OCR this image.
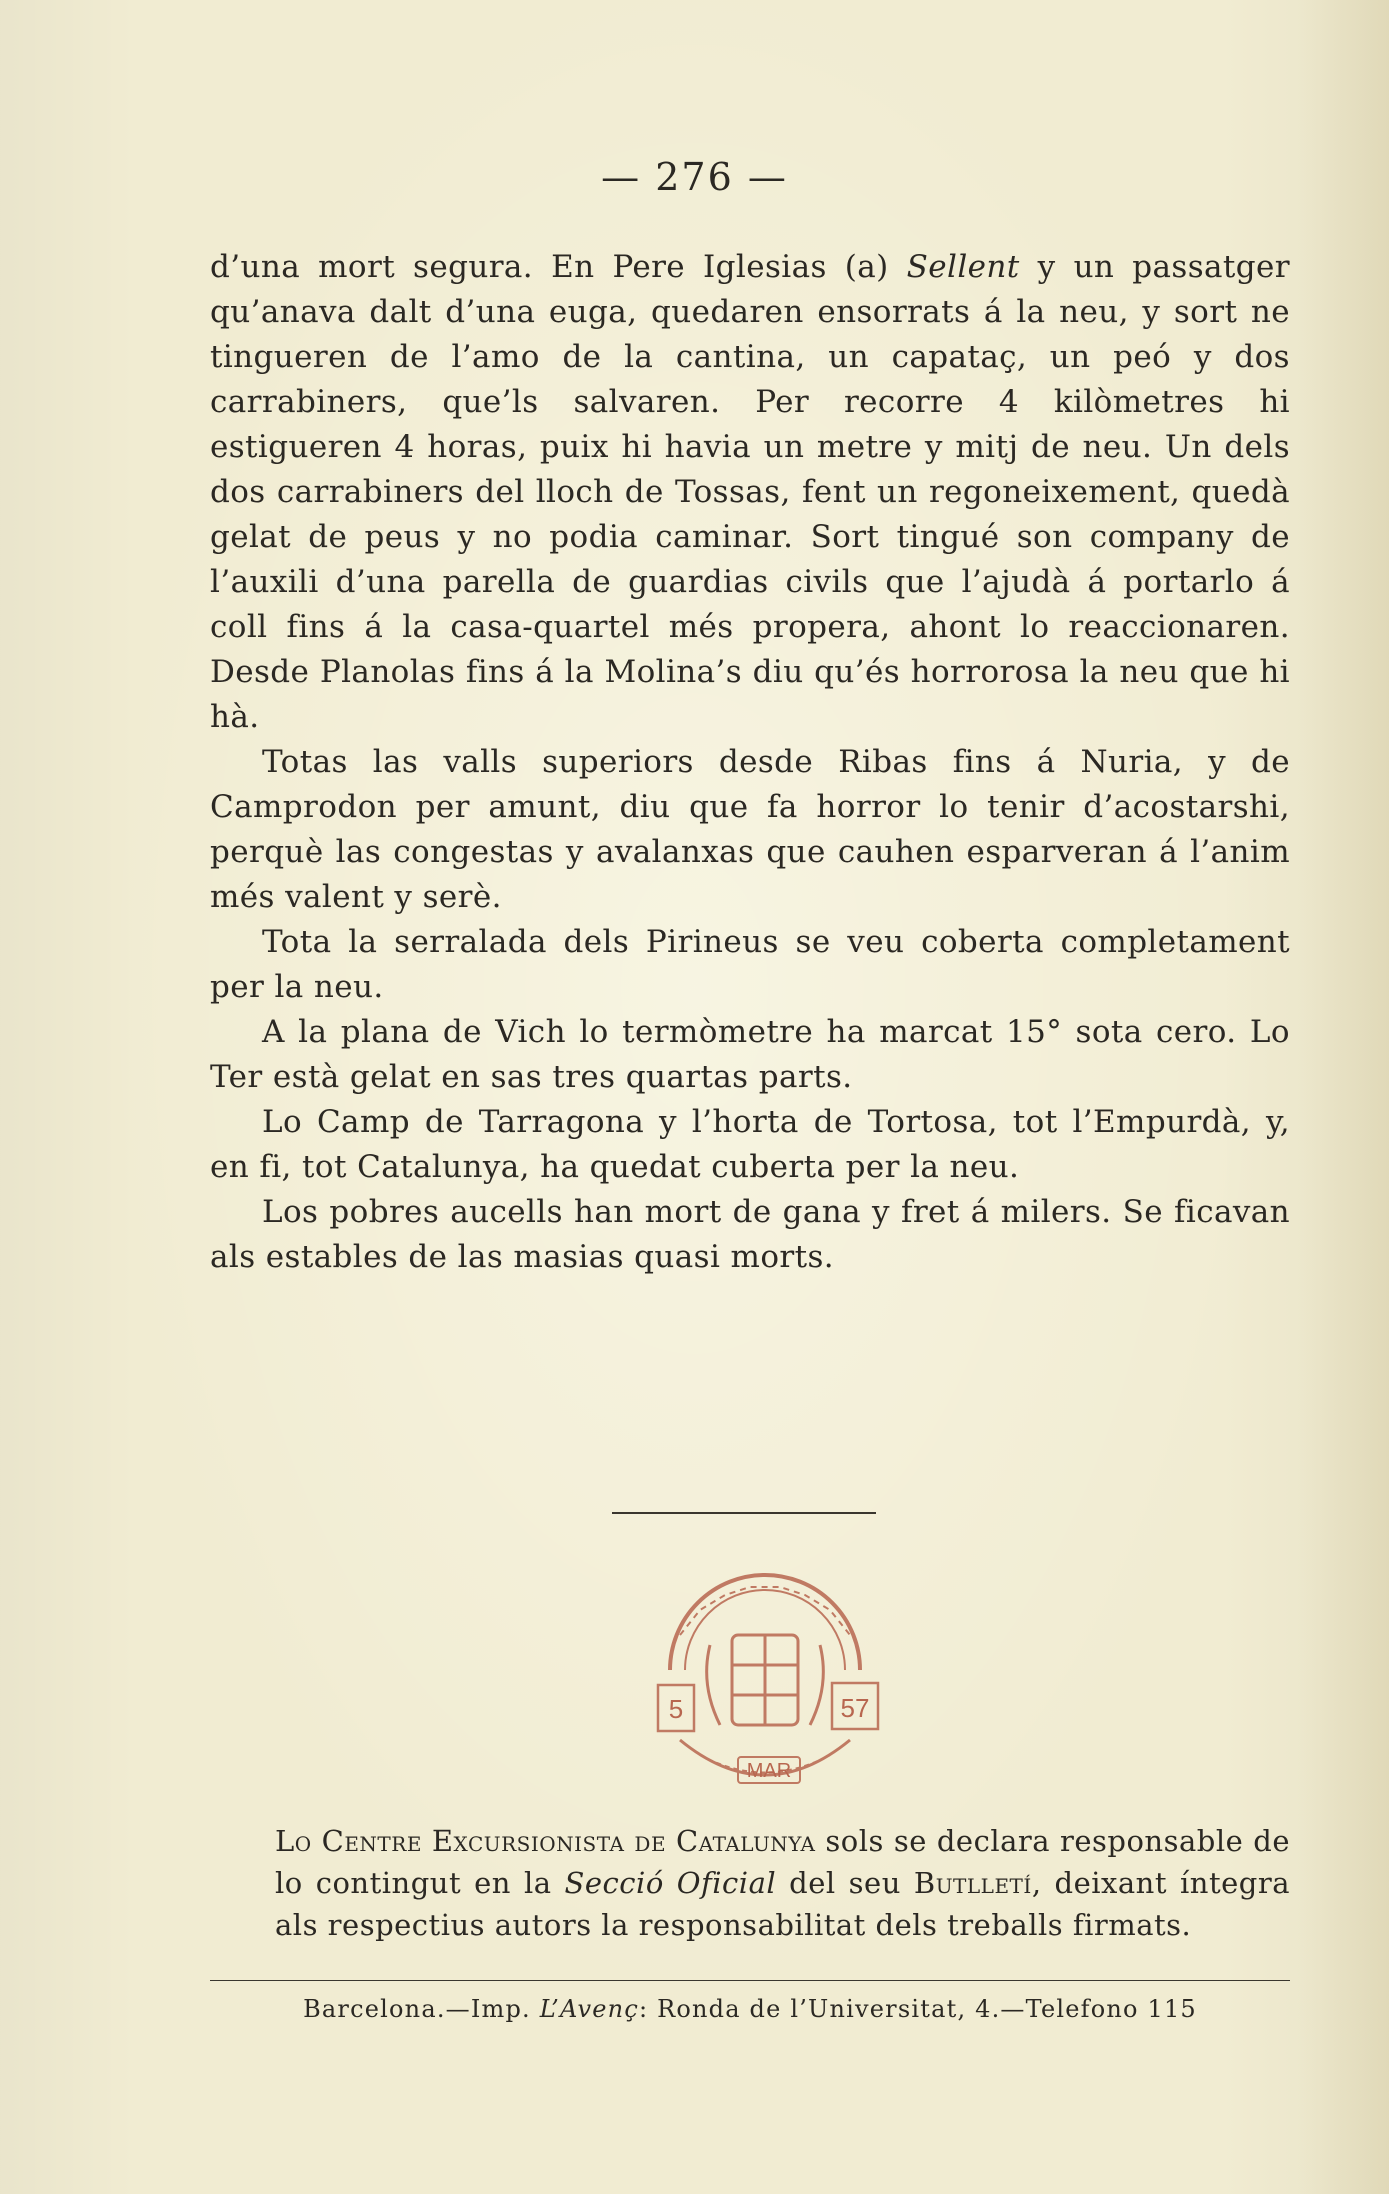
— 276 —

d’una mort segura. En Pere Iglesias (a) Sellent y un passatger qu’anava dalt d’una euga, quedaren ensorrats á la neu, y sort ne tingueren de l’amo de la cantina, un capataç, un peó y dos carrabiners, que’ls salvaren. Per recorre 4 kilòmetres hi estigueren 4 horas, puix hi havia un metre y mitj de neu. Un dels dos carrabiners del lloch de Tossas, fent un regoneixement, quedà gelat de peus y no podia caminar. Sort tingué son company de l’auxili d’una parella de guardias civils que l’ajudà á portarlo á coll fins á la casa-quartel més propera, ahont lo reaccionaren. Desde Planolas fins á la Molina’s diu qu’és horrorosa la neu que hi hà.

Totas las valls superiors desde Ribas fins á Nuria, y de Camprodon per amunt, diu que fa horror lo tenir d’acostarshi, perquè las congestas y avalanxas que cauhen esparveran á l’anim més valent y serè.

Tota la serralada dels Pirineus se veu coberta completament per la neu.

A la plana de Vich lo termòmetre ha marcat 15° sota cero. Lo Ter està gelat en sas tres quartas parts.

Lo Camp de Tarragona y l’horta de Tortosa, tot l’Empurdà, y, en fi, tot Catalunya, ha quedat cuberta per la neu.

Los pobres aucells han mort de gana y fret á milers. Se ficavan als estables de las masias quasi morts.

5	57
MAR
Lo Centre Excursionista de Catalunya sols se declara responsable de lo contingut en la Secció Oficial del seu Butlletí, deixant íntegra als respectius autors la responsabilitat dels treballs firmats.
Barcelona.—Imp. L’Avenç: Ronda de l’Universitat, 4.—Telefono 115
